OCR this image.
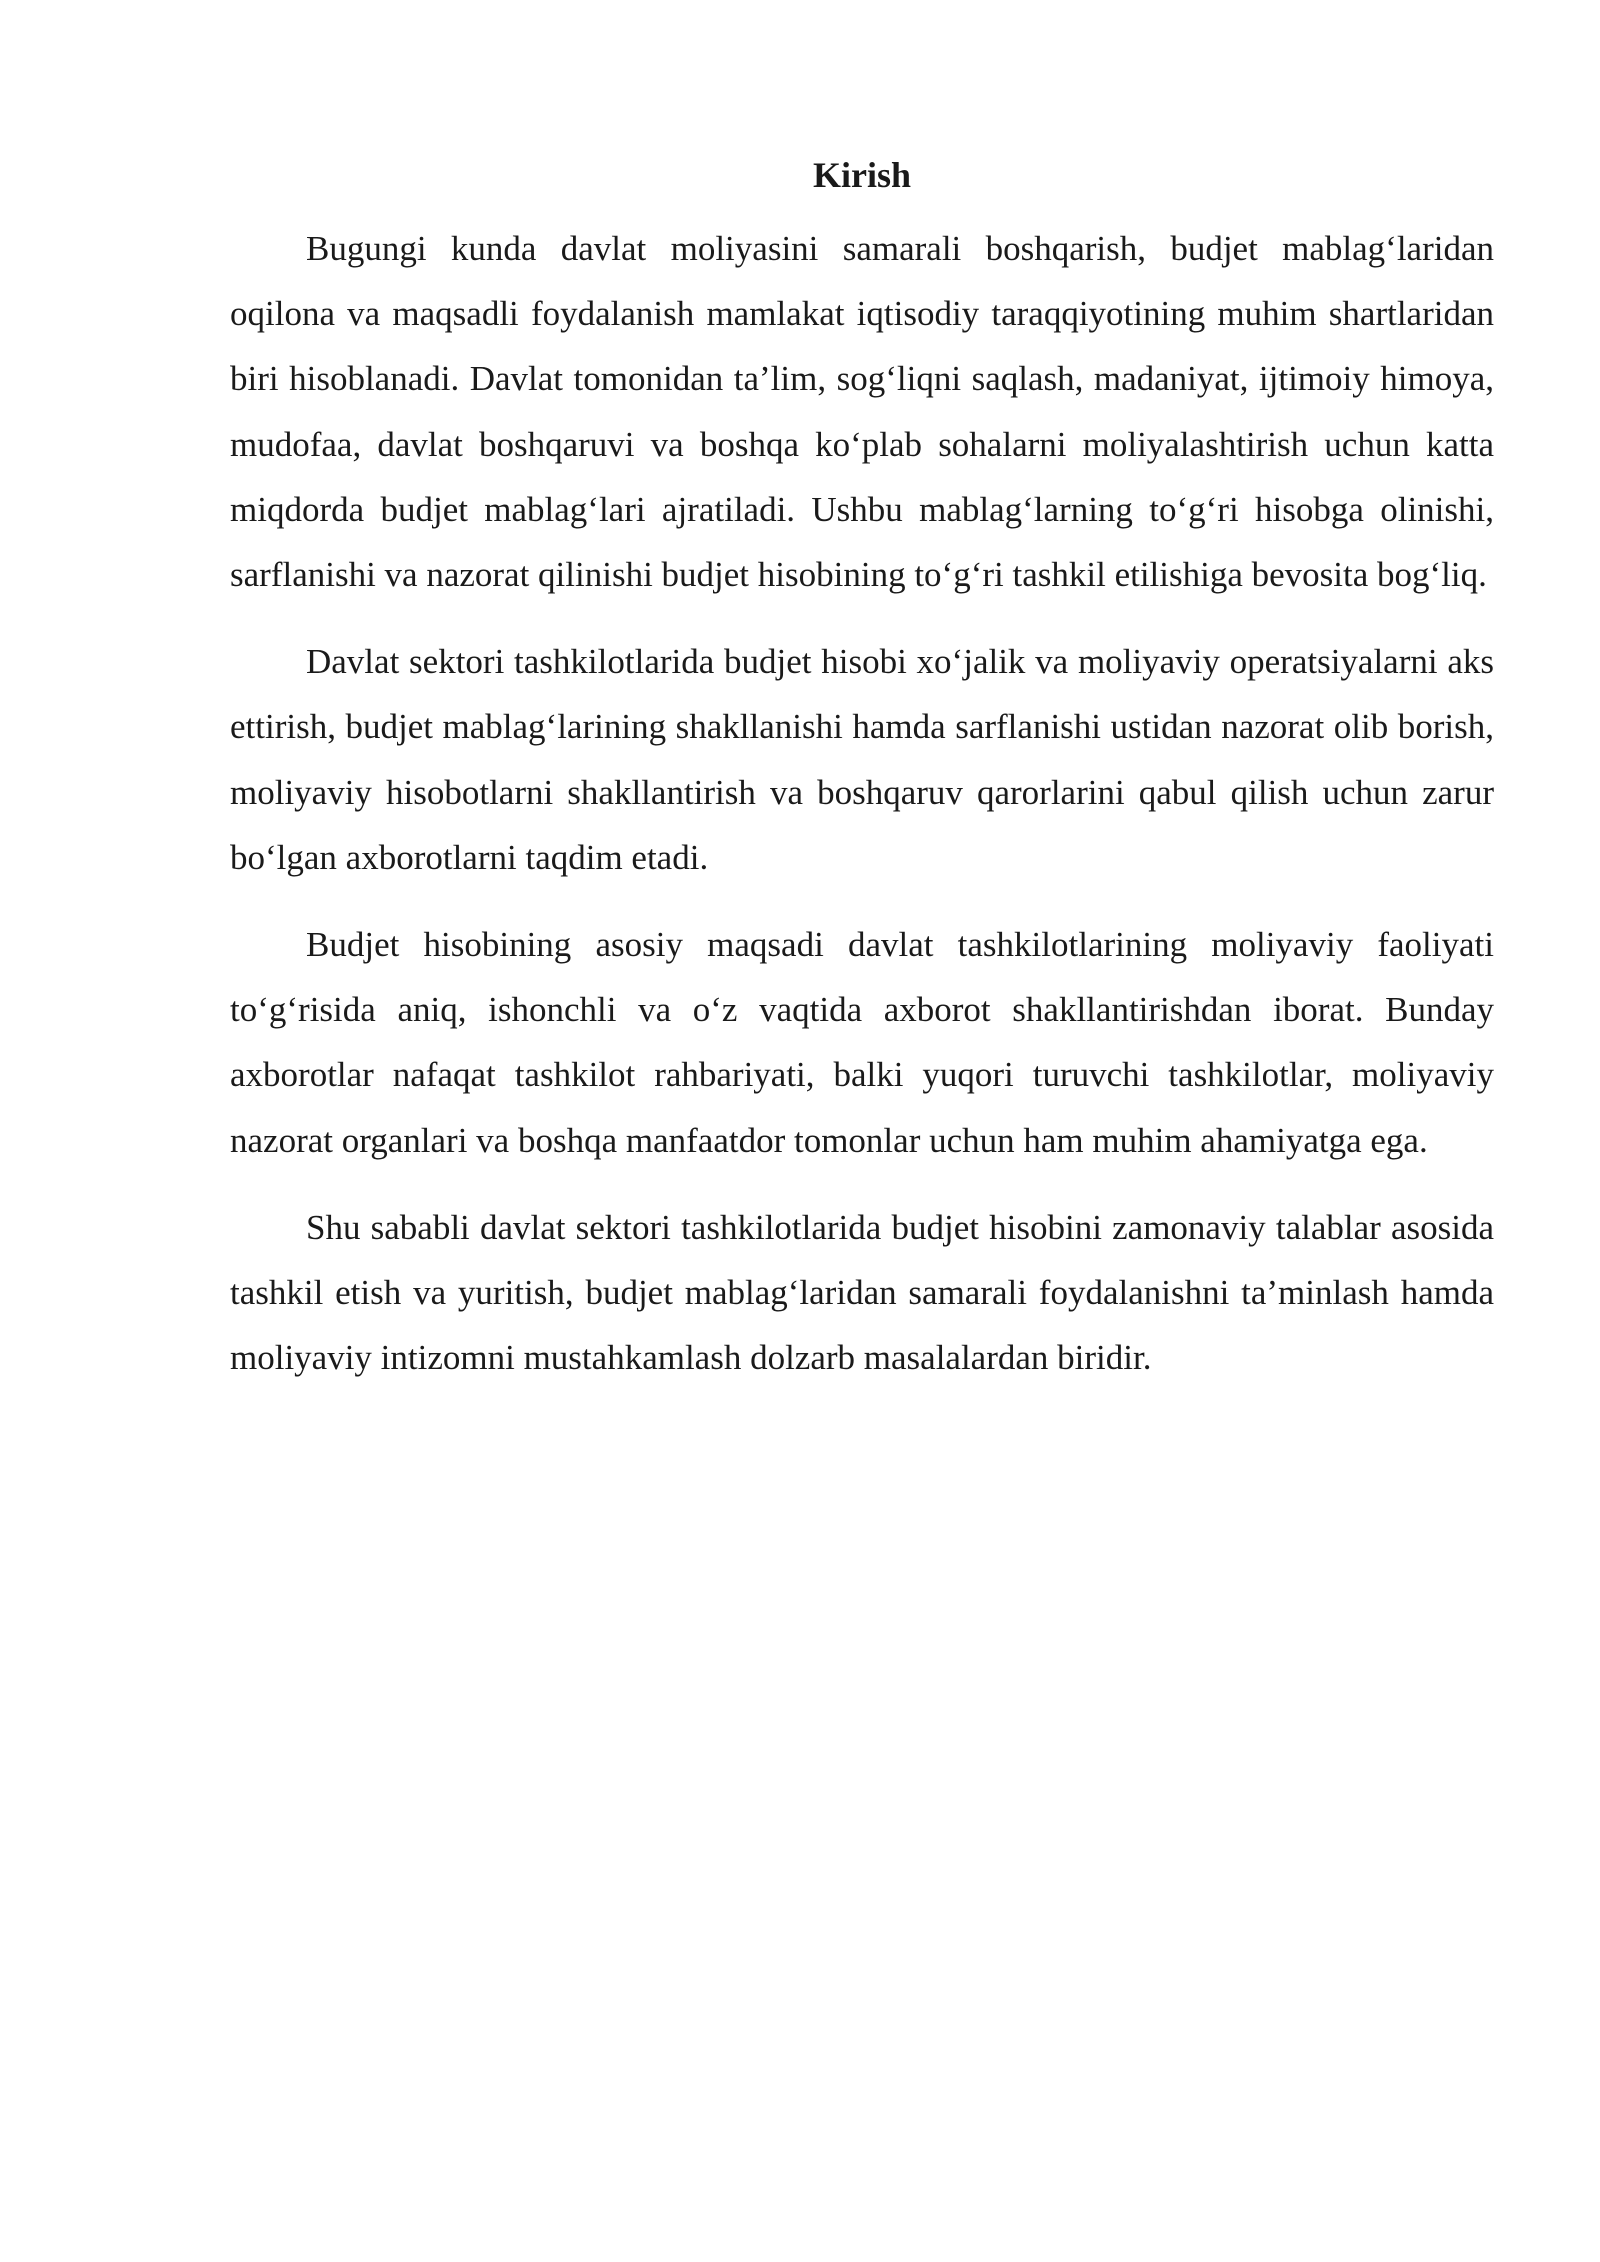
Kirish

Bugungi kunda davlat moliyasini samarali boshqarish, budjet mablag‘laridan oqilona va maqsadli foydalanish mamlakat iqtisodiy taraqqiyotining muhim shartlaridan biri hisoblanadi. Davlat tomonidan ta’lim, sog‘liqni saqlash, madaniyat, ijtimoiy himoya, mudofaa, davlat boshqaruvi va boshqa ko‘plab sohalarni moliyalashtirish uchun katta miqdorda budjet mablag‘lari ajratiladi. Ushbu mablag‘larning to‘g‘ri hisobga olinishi, sarflanishi va nazorat qilinishi budjet hisobining to‘g‘ri tashkil etilishiga bevosita bog‘liq.

Davlat sektori tashkilotlarida budjet hisobi xo‘jalik va moliyaviy operatsiyalarni aks ettirish, budjet mablag‘larining shakllanishi hamda sarflanishi ustidan nazorat olib borish, moliyaviy hisobotlarni shakllantirish va boshqaruv qarorlarini qabul qilish uchun zarur bo‘lgan axborotlarni taqdim etadi.

Budjet hisobining asosiy maqsadi davlat tashkilotlarining moliyaviy faoliyati to‘g‘risida aniq, ishonchli va o‘z vaqtida axborot shakllantirishdan iborat. Bunday axborotlar nafaqat tashkilot rahbariyati, balki yuqori turuvchi tashkilotlar, moliyaviy nazorat organlari va boshqa manfaatdor tomonlar uchun ham muhim ahamiyatga ega.

Shu sababli davlat sektori tashkilotlarida budjet hisobini zamonaviy talablar asosida tashkil etish va yuritish, budjet mablag‘laridan samarali foydalanishni ta’minlash hamda moliyaviy intizomni mustahkamlash dolzarb masalalardan biridir.
